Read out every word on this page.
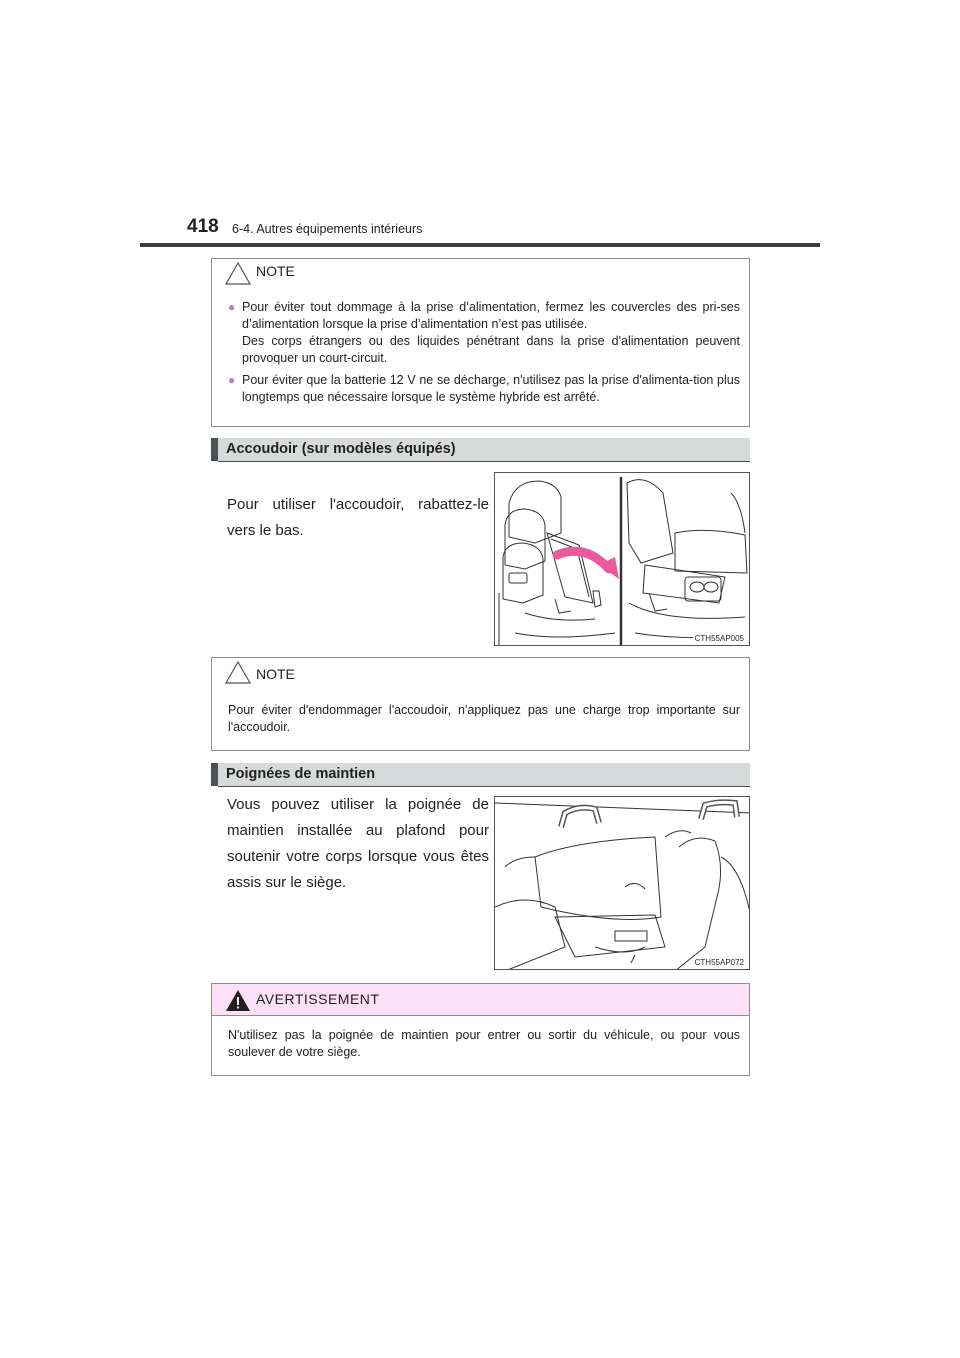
418 6-4. Autres équipements intérieurs
NOTE
● Pour éviter tout dommage à la prise d’alimentation, fermez les couvercles des pri-ses d’alimentation lorsque la prise d’alimentation n’est pas utilisée.
Des corps étrangers ou des liquides pénétrant dans la prise d'alimentation peuvent provoquer un court-circuit.
● Pour éviter que la batterie 12 V ne se décharge, n'utilisez pas la prise d'alimenta-tion plus longtemps que nécessaire lorsque le système hybride est arrêté.
Accoudoir (sur modèles équipés)
Pour utiliser l'accoudoir, rabattez-le vers le bas.
CTH55AP005
NOTE
Pour éviter d'endommager l'accoudoir, n'appliquez pas une charge trop importante sur l'accoudoir.
Poignées de maintien
Vous pouvez utiliser la poignée de maintien installée au plafond pour soutenir votre corps lorsque vous êtes assis sur le siège.
CTH55AP072
AVERTISSEMENT
N'utilisez pas la poignée de maintien pour entrer ou sortir du véhicule, ou pour vous soulever de votre siège.
